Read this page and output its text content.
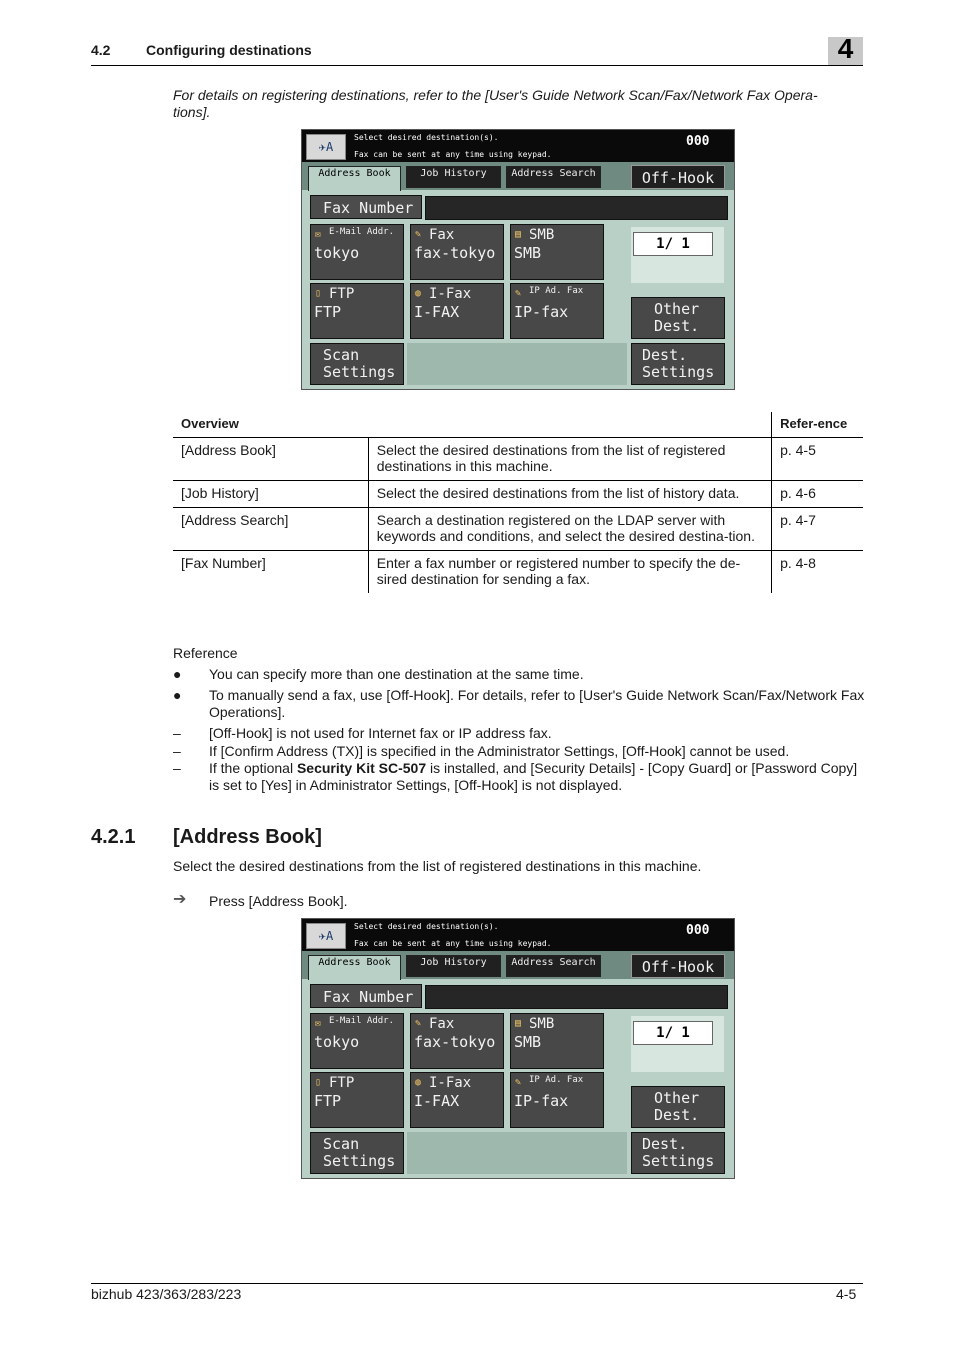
4.2	Configuring destinations	4
For details on registering destinations, refer to the [User's Guide Network Scan/Fax/Network Fax Opera-tions].
✈A
Select desired destination(s).
Fax can be sent at any time using keypad.
000
Address Book	Job History	Address Search	Off-Hook
Fax Number
✉ E-Mail Addr.
tokyo
✎ Fax
fax-tokyo
▤ SMB
SMB
▯ FTP
FTP
◍ I-Fax
I-FAX
✎ IP Ad. Fax
IP-fax
1/ 1
Other Dest.
Scan Settings
Dest. Settings
✈A
Select desired destination(s).
Fax can be sent at any time using keypad.
000
Address Book	Job History	Address Search	Off-Hook
Fax Number
✉ E-Mail Addr.
tokyo
✎ Fax
fax-tokyo
▤ SMB
SMB
▯ FTP
FTP
◍ I-Fax
I-FAX
✎ IP Ad. Fax
IP-fax
1/ 1
Other Dest.
Scan Settings
Dest. Settings
Overview		Refer-ence
[Address Book]	Select the desired destinations from the list of registered destinations in this machine.	p. 4-5
[Job History]	Select the desired destinations from the list of history data.	p. 4-6
[Address Search]	Search a destination registered on the LDAP server with keywords and conditions, and select the desired destina-tion.	p. 4-7
[Fax Number]	Enter a fax number or registered number to specify the de-sired destination for sending a fax.	p. 4-8
Reference
● You can specify more than one destination at the same time.
● To manually send a fax, use [Off-Hook]. For details, refer to [User's Guide Network Scan/Fax/Network Fax Operations].
– [Off-Hook] is not used for Internet fax or IP address fax.
– If [Confirm Address (TX)] is specified in the Administrator Settings, [Off-Hook] cannot be used.
– If the optional Security Kit SC-507 is installed, and [Security Details] - [Copy Guard] or [Password Copy] is set to [Yes] in Administrator Settings, [Off-Hook] is not displayed.
4.2.1 [Address Book]
Select the desired destinations from the list of registered destinations in this machine.
➔ Press [Address Book].
bizhub 423/363/283/223	4-5
